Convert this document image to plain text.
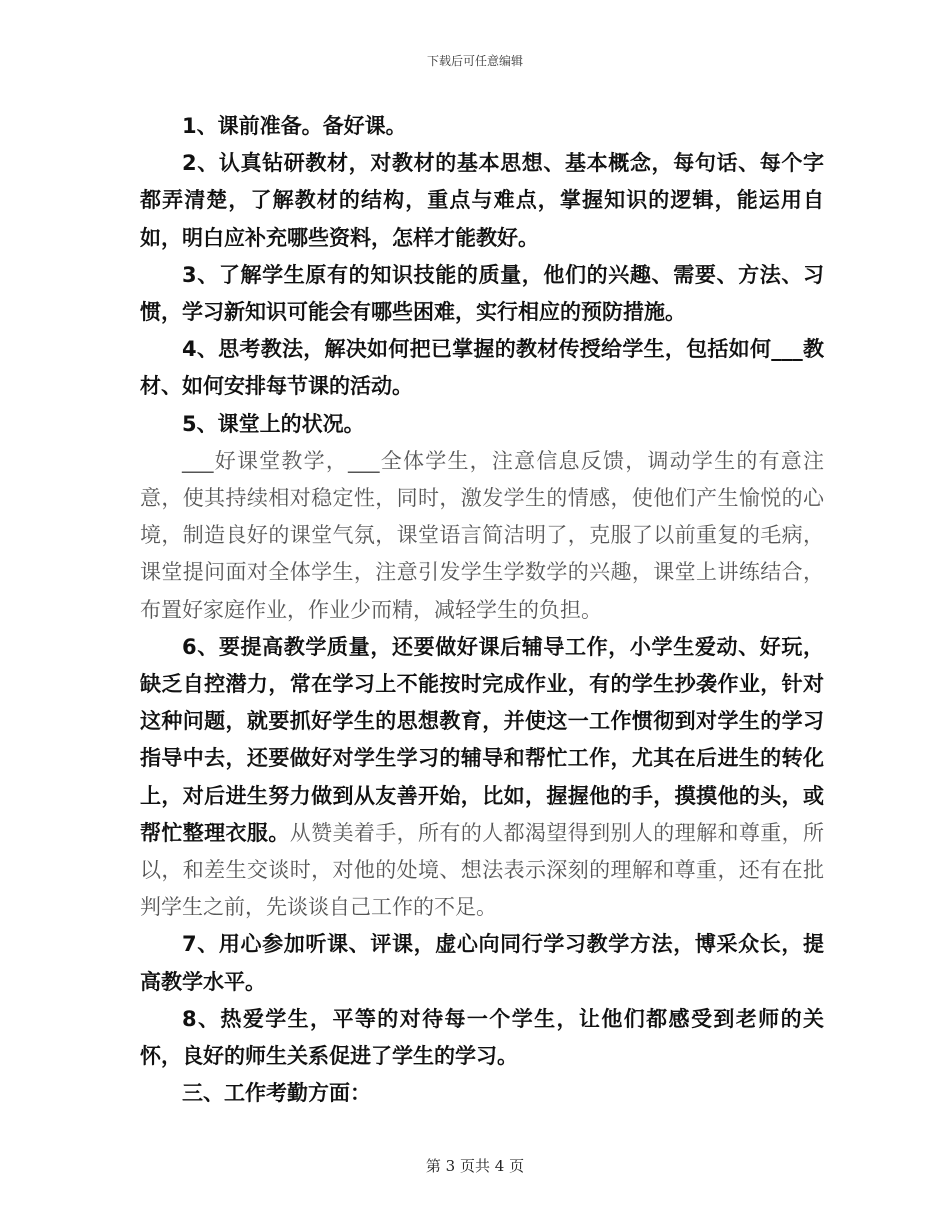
下载后可任意编辑

1、课前准备。备好课。

2、认真钻研教材，对教材的基本思想、基本概念，每句话、每个字都弄清楚，了解教材的结构，重点与难点，掌握知识的逻辑，能运用自如，明白应补充哪些资料，怎样才能教好。

3、了解学生原有的知识技能的质量，他们的兴趣、需要、方法、习惯，学习新知识可能会有哪些困难，实行相应的预防措施。

4、思考教法，解决如何把已掌握的教材传授给学生，包括如何___教材、如何安排每节课的活动。

5、课堂上的状况。

___好课堂教学，___全体学生，注意信息反馈，调动学生的有意注意，使其持续相对稳定性，同时，激发学生的情感，使他们产生愉悦的心境，制造良好的课堂气氛，课堂语言简洁明了，克服了以前重复的毛病，课堂提问面对全体学生，注意引发学生学数学的兴趣，课堂上讲练结合，布置好家庭作业，作业少而精，减轻学生的负担。

6、要提高教学质量，还要做好课后辅导工作，小学生爱动、好玩，缺乏自控潜力，常在学习上不能按时完成作业，有的学生抄袭作业，针对这种问题，就要抓好学生的思想教育，并使这一工作惯彻到对学生的学习指导中去，还要做好对学生学习的辅导和帮忙工作，尤其在后进生的转化上，对后进生努力做到从友善开始，比如，握握他的手，摸摸他的头，或帮忙整理衣服。从赞美着手，所有的人都渴望得到别人的理解和尊重，所以，和差生交谈时，对他的处境、想法表示深刻的理解和尊重，还有在批判学生之前，先谈谈自己工作的不足。

7、用心参加听课、评课，虚心向同行学习教学方法，博采众长，提高教学水平。

8、热爱学生，平等的对待每一个学生，让他们都感受到老师的关怀，良好的师生关系促进了学生的学习。

三、工作考勤方面：

第 3 页共 4 页
